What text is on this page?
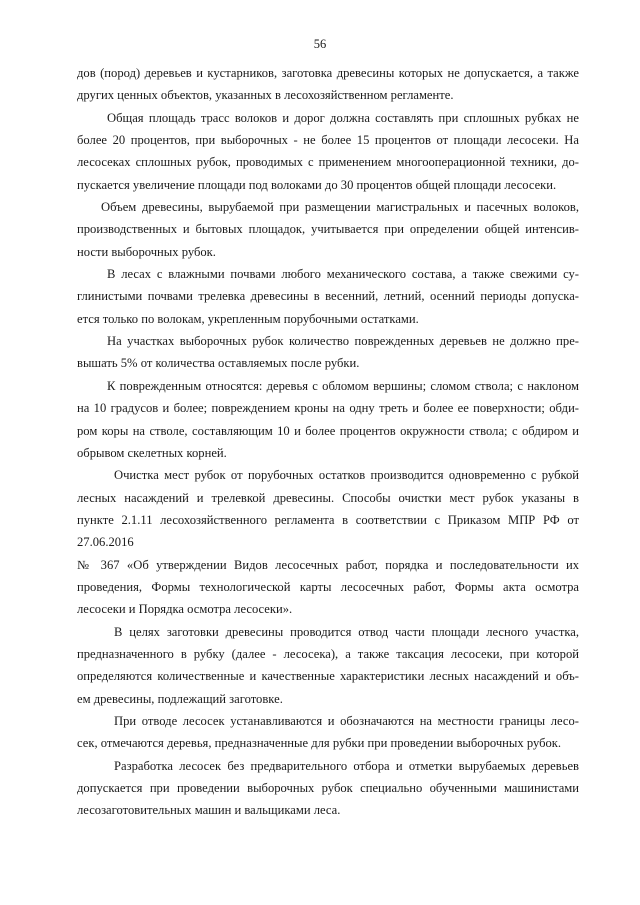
56
дов (пород) деревьев и кустарников, заготовка древесины которых не допускается, а также
других ценных объектов, указанных в лесохозяйственном регламенте.
Общая площадь трасс волоков и дорог должна составлять при сплошных рубках не
более 20 процентов, при выборочных - не более 15 процентов от площади лесосеки. На
лесосеках сплошных рубок, проводимых с применением многооперационной техники, до-
пускается увеличение площади под волоками до 30 процентов общей площади лесосеки.
Объем древесины, вырубаемой при размещении магистральных и пасечных волоков,
производственных и бытовых площадок, учитывается при определении общей интенсив-
ности выборочных рубок.
В лесах с влажными почвами любого механического состава, а также свежими су-
глинистыми почвами трелевка древесины в весенний, летний, осенний периоды допуска-
ется только по волокам, укрепленным порубочными остатками.
На участках выборочных рубок количество поврежденных деревьев не должно пре-
вышать 5% от количества оставляемых после рубки.
К поврежденным относятся: деревья с обломом вершины; сломом ствола; с наклоном
на 10 градусов и более; повреждением кроны на одну треть и более ее поверхности; обди-
ром коры на стволе, составляющим 10 и более процентов окружности ствола; с обдиром и
обрывом скелетных корней.
Очистка мест рубок от порубочных остатков производится одновременно с рубкой
лесных насаждений и трелевкой древесины. Способы очистки мест рубок указаны в
пункте 2.1.11 лесохозяйственного регламента в соответствии с Приказом МПР РФ от
27.06.2016
№ 367 «Об утверждении Видов лесосечных работ, порядка и последовательности их
проведения, Формы технологической карты лесосечных работ, Формы акта осмотра
лесосеки и Порядка осмотра лесосеки».
В целях заготовки древесины проводится отвод части площади лесного участка,
предназначенного в рубку (далее - лесосека), а также таксация лесосеки, при которой
определяются количественные и качественные характеристики лесных насаждений и объ-
ем древесины, подлежащий заготовке.
При отводе лесосек устанавливаются и обозначаются на местности границы лесо-
сек, отмечаются деревья, предназначенные для рубки при проведении выборочных рубок.
Разработка лесосек без предварительного отбора и отметки вырубаемых деревьев
допускается при проведении выборочных рубок специально обученными машинистами
лесозаготовительных машин и вальщиками леса.
